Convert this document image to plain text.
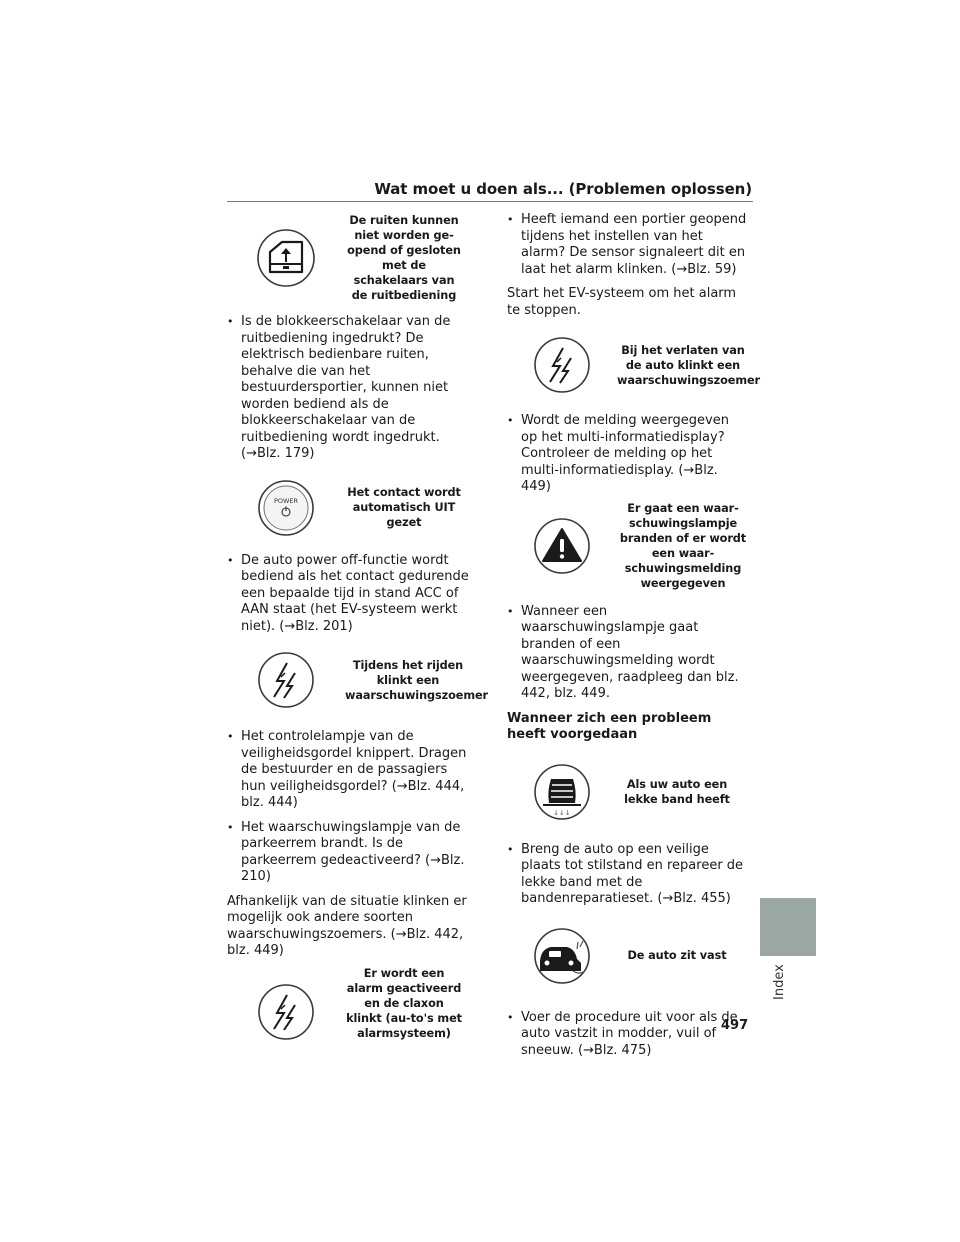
Wat moet u doen als... (Problemen oplossen)
De ruiten kunnen niet worden ge-opend of gesloten met de schakelaars van de ruitbediening

• Is de blokkeerschakelaar van de ruitbediening ingedrukt? De elektrisch bedienbare ruiten, behalve die van het bestuurdersportier, kunnen niet worden bediend als de blokkeerschakelaar van de ruitbediening wordt ingedrukt. (→Blz. 179)

POWER
Het contact wordt automatisch UIT gezet

• De auto power off-functie wordt bediend als het contact gedurende een bepaalde tijd in stand ACC of AAN staat (het EV-systeem werkt niet). (→Blz. 201)

Tijdens het rijden klinkt een waarschuwingszoemer

• Het controlelampje van de veiligheidsgordel knippert. Dragen de bestuurder en de passagiers hun veiligheidsgordel? (→Blz. 444, blz. 444)

• Het waarschuwingslampje van de parkeerrem brandt. Is de parkeerrem gedeactiveerd? (→Blz. 210)

Afhankelijk van de situatie klinken er mogelijk ook andere soorten waarschuwingszoemers. (→Blz. 442, blz. 449)

Er wordt een alarm geactiveerd en de claxon klinkt (au-to's met alarmsysteem)

• Heeft iemand een portier geopend tijdens het instellen van het alarm? De sensor signaleert dit en laat het alarm klinken. (→Blz. 59)

Start het EV-systeem om het alarm te stoppen.

Bij het verlaten van de auto klinkt een waarschuwingszoemer

• Wordt de melding weergegeven op het multi-informatiedisplay? Controleer de melding op het multi-informatiedisplay. (→Blz. 449)

Er gaat een waar-schuwingslampje branden of er wordt een waar-schuwingsmelding weergegeven

• Wanneer een waarschuwingslampje gaat branden of een waarschuwingsmelding wordt weergegeven, raadpleeg dan blz. 442, blz. 449.

Wanneer zich een probleem heeft voorgedaan

↓↓↓
Als uw auto een lekke band heeft

• Breng de auto op een veilige plaats tot stilstand en repareer de lekke band met de bandenreparatieset. (→Blz. 455)

De auto zit vast

• Voer de procedure uit voor als de auto vastzit in modder, vuil of sneeuw. (→Blz. 475)

Index
497
